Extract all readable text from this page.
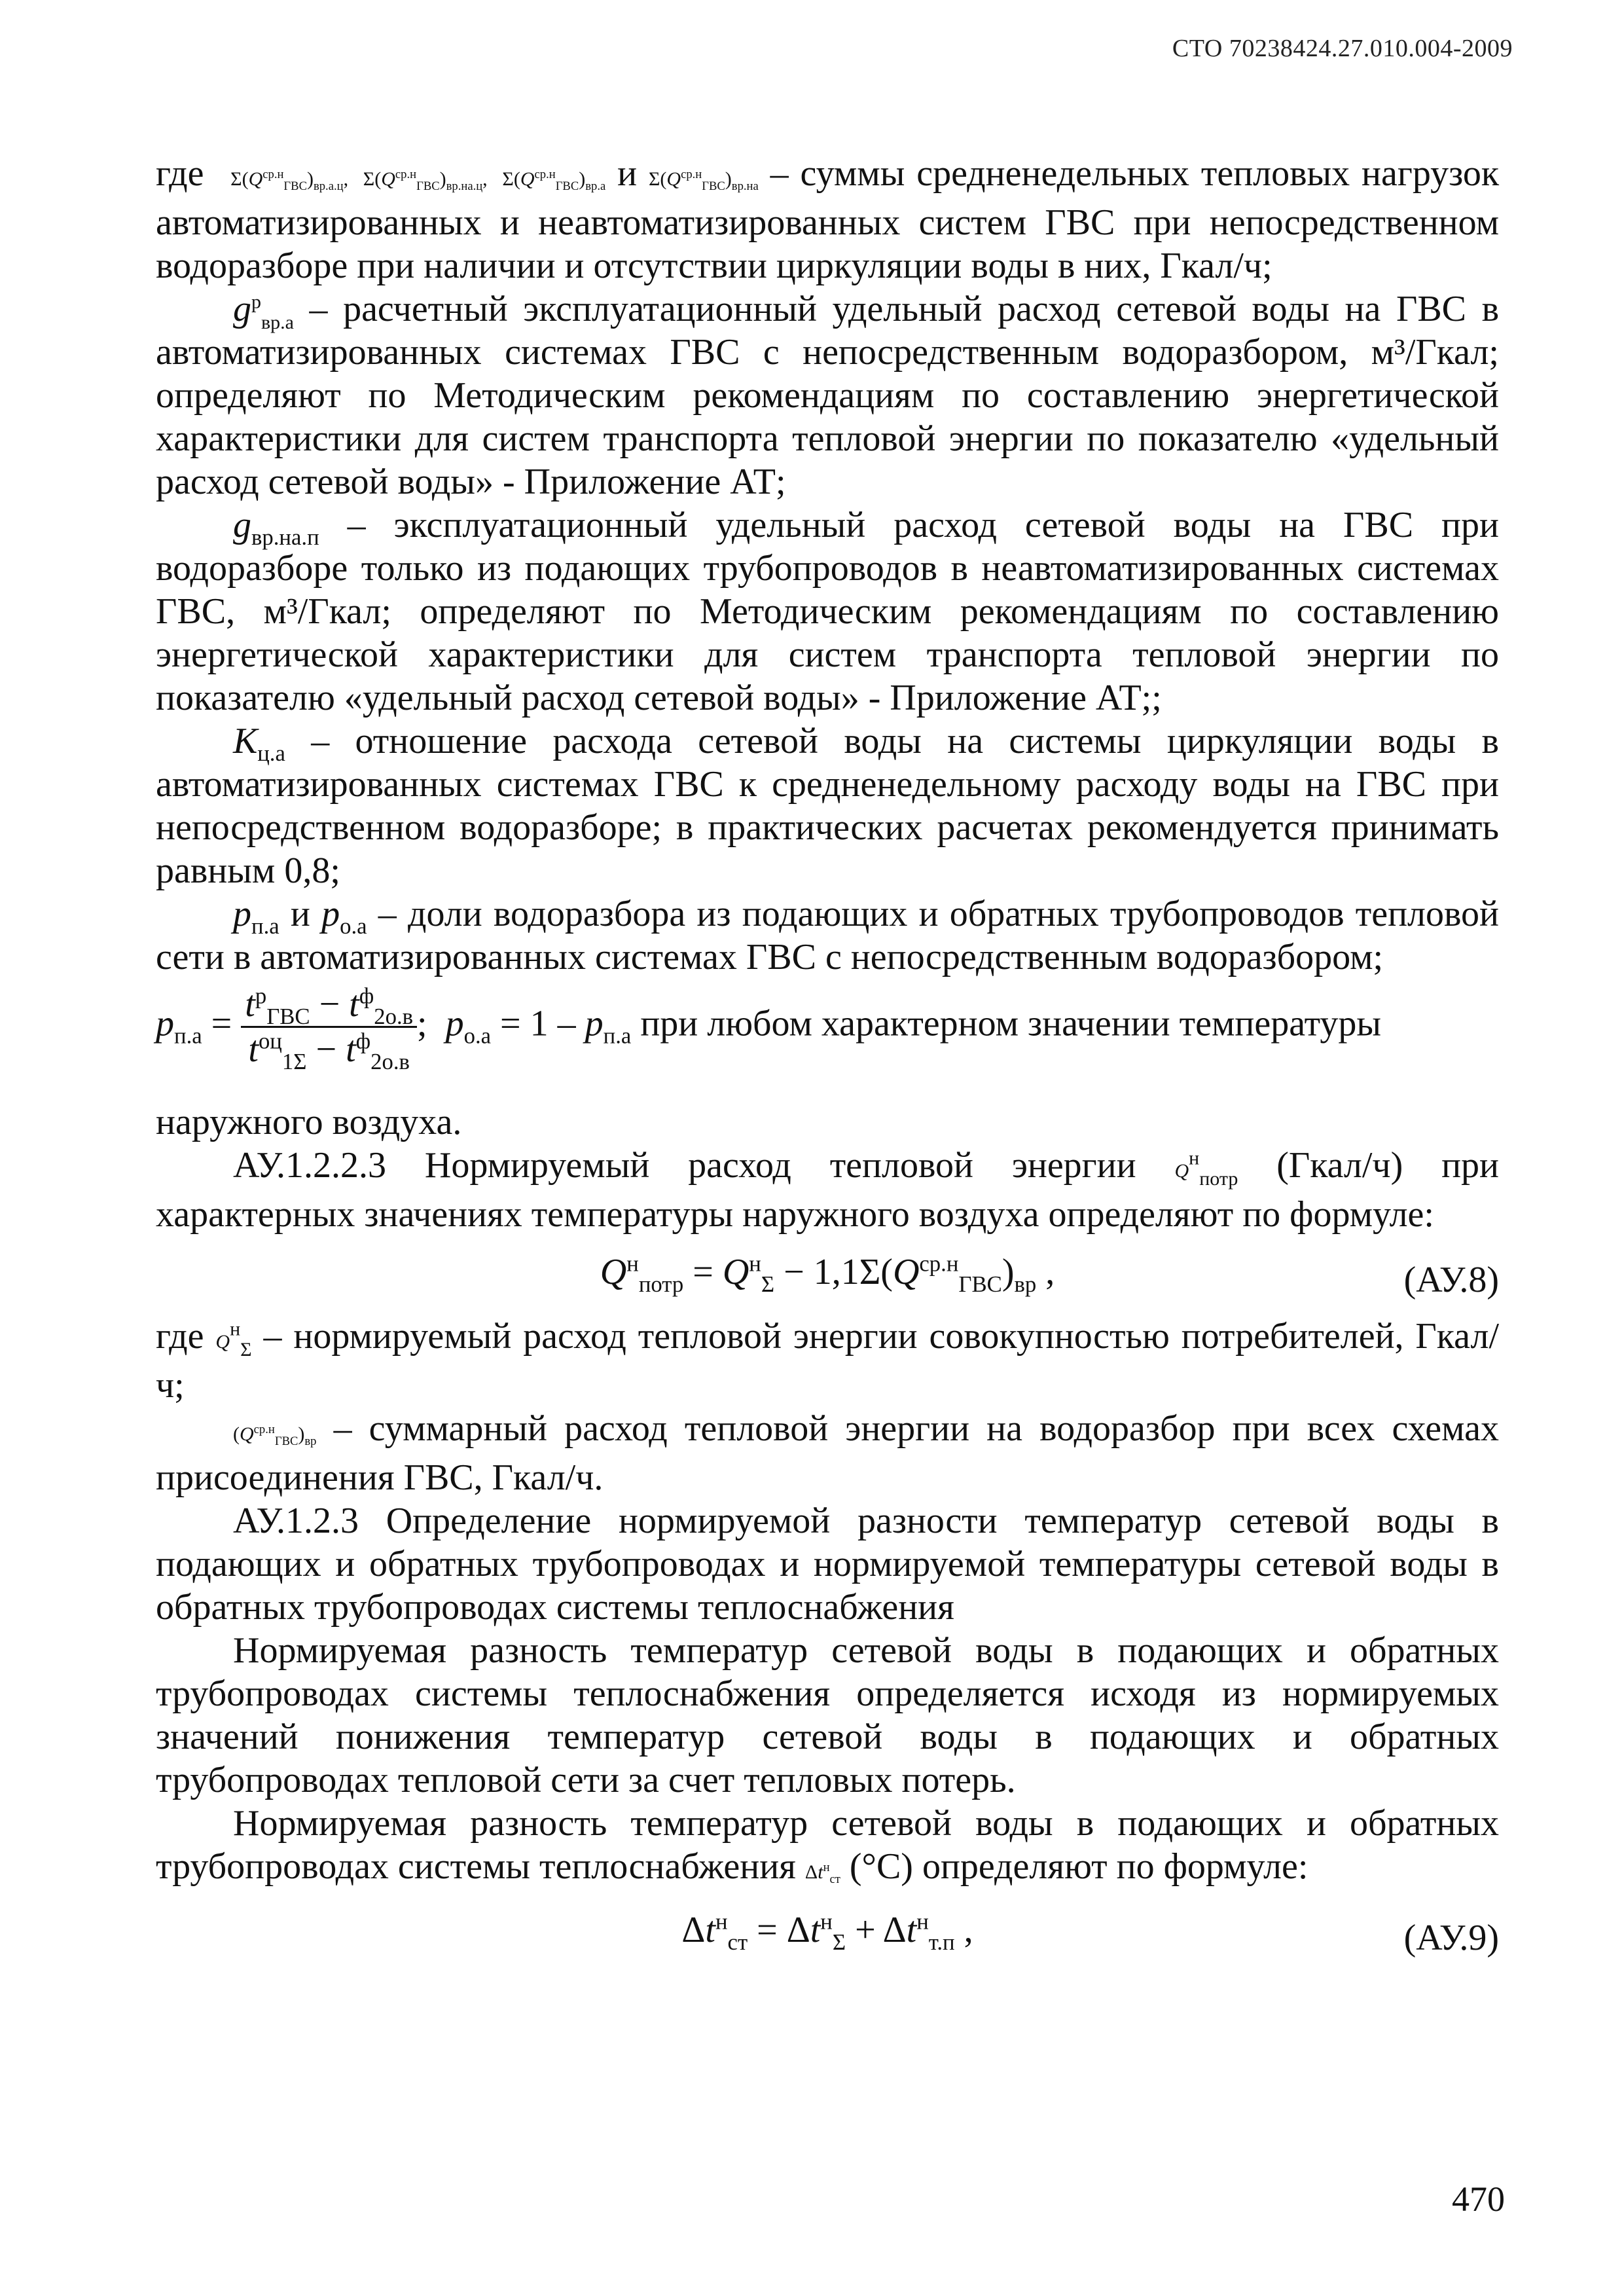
СТО 70238424.27.010.004-2009

где   $\Sigma(Q^{ср.н}_{ГВС})_{вр.а.ц}$,  $\Sigma(Q^{ср.н}_{ГВС})_{вр.на.ц}$,  $\Sigma(Q^{ср.н}_{ГВС})_{вр.а}$ и $\Sigma(Q^{ср.н}_{ГВС})_{вр.на}$ – суммы средненедельных тепловых нагрузок автоматизированных и неавтоматизированных систем ГВС при непосредственном водоразборе при наличии и отсутствии циркуляции воды в них, Гкал/ч;

$g^р_{вр.а}$ – расчетный эксплуатационный удельный расход сетевой воды на ГВС в автоматизированных системах ГВС с непосредственным водоразбором, м³/Гкал; определяют по Методическим рекомендациям по составлению энергетической характеристики для систем транспорта тепловой энергии по показателю «удельный расход сетевой воды» - Приложение АТ;

$g_{вр.на.п}$ – эксплуатационный удельный расход сетевой воды на ГВС при водоразборе только из подающих трубопроводов в неавтоматизированных системах ГВС, м³/Гкал; определяют по Методическим рекомендациям по составлению энергетической характеристики для систем транспорта тепловой энергии по показателю «удельный расход сетевой воды» - Приложение АТ;;

$К_{ц.а}$ – отношение расхода сетевой воды на системы циркуляции воды в автоматизированных системах ГВС к средненедельному расходу воды на ГВС при непосредственном водоразборе; в практических расчетах рекомендуется принимать равным 0,8;

$p_{п.а}$ и $p_{о.а}$ – доли водоразбора из подающих и обратных трубопроводов тепловой сети в автоматизированных системах ГВС с непосредственным водоразбором;

$p_{п.а} = t^р_{ГВС} - t^ф_{2о.в}$
$t^{оц}_{1\Sigma} - t^ф_{2о.в}$
;  $p_{о.а} = 1 - p_{п.а}$ при любом характерном значении температуры

наружного воздуха.

АУ.1.2.2.3 Нормируемый расход тепловой энергии $Q^н_{потр}$ (Гкал/ч) при характерных значениях температуры наружного воздуха определяют по формуле:

$Q^н_{потр} = Q^н_\Sigma - 1,1\Sigma(Q^{ср.н}_{ГВС})_{вр}$ ,	(АУ.8)

где $Q^н_\Sigma$ – нормируемый расход тепловой энергии совокупностью потребителей, Гкал/ч;

$(Q^{ср.н}_{ГВС})_{вр}$ – суммарный расход тепловой энергии на водоразбор при всех схемах присоединения ГВС, Гкал/ч.

АУ.1.2.3 Определение нормируемой разности температур сетевой воды в подающих и обратных трубопроводах и нормируемой температуры сетевой воды в обратных трубопроводах системы теплоснабжения

Нормируемая разность температур сетевой воды в подающих и обратных трубопроводах системы теплоснабжения определяется исходя из нормируемых значений понижения температур сетевой воды в подающих и обратных трубопроводах тепловой сети за счет тепловых потерь.

Нормируемая разность температур сетевой воды в подающих и обратных трубопроводах системы теплоснабжения $\Delta t^н_{ст}$ (°С) определяют по формуле:

$\Delta t^н_{ст} = \Delta t^н_\Sigma + \Delta t^н_{т.п}$ ,	(АУ.9)
470
